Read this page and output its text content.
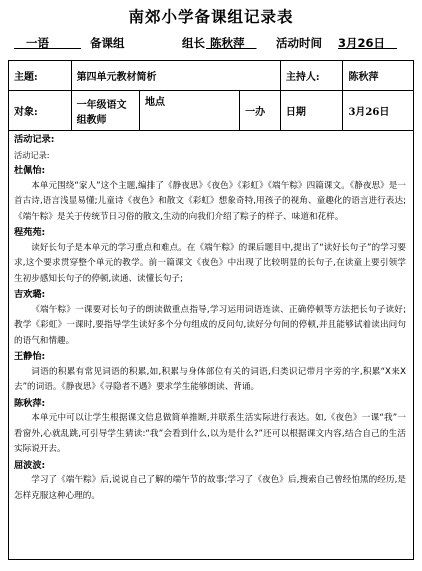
南郊小学备课组记录表
一语	备课组	组长 陈秋萍	活动时间 3月26日
主题:	第四单元教材简析			主持人:	陈秋萍
对象:	一年级语文组教师	地点	一办	日期	3月26日
活动记录:
活动记录:
杜佩怡:
本单元围绕“家人”这个主题,编排了《静夜思》《夜色》《彩虹》《端午粽》四篇课文。《静夜思》是一首古诗,语言浅显易懂;儿童诗《夜色》和散文《彩虹》想象奇特,用孩子的视角、童趣化的语言进行表达;《端午粽》是关于传统节日习俗的散文,生动的向我们介绍了粽子的样子、味道和花样。
程苑苑:
读好长句子是本单元的学习重点和难点。在《端午粽》的课后题目中,提出了“读好长句子”的学习要求,这个要求贯穿整个单元的教学。前一篇课文《夜色》中出现了比较明显的长句子,在读童上要引领学生初步感知长句子的停顿,读通、读懂长句子;
吉欢璐:
《端午粽》一课要对长句子的朗读做重点指导,学习运用词语连读、正确停顿等方法把长句子读好;教学《彩虹》一课时,要指导学生读好多个分句组成的反问句,读好分句间的停顿,并且能够试着读出问句的语气和情趣。
王静怡:
词语的积累有常见词语的积累,如,积累与身体部位有关的词语,归类识记带月字旁的字,积累“X来X去”的词语。《静夜思》《寻隐者不遇》要求学生能够朗读、背诵。
陈秋萍:
本单元中可以让学生根据课文信息做简单推断,并联系生活实际进行表达。如,《夜色》一课“我”一看窗外,心就乱跳,可引导学生猜读:“我”会看到什么,以为是什么?”还可以根据课文内容,结合自己的生活实际说开去。
屈波波:
学习了《端午粽》后,说说自己了解的端午节的故事;学习了《夜色》后,搜索自己曾经怕黑的经历,是怎样克服这种心理的。
